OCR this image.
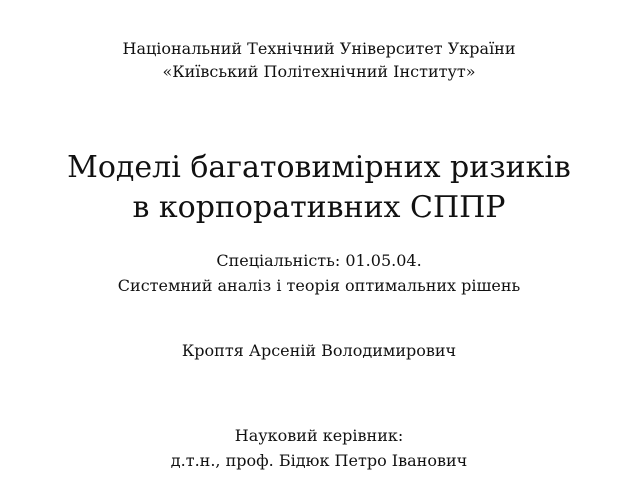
Національний Технічний Університет України
«Київський Політехнічний Інститут»
Моделі багатовимірних ризиків
в корпоративних СППР
Спеціальність: 01.05.04.
Системний аналіз і теорія оптимальних рішень
Кроптя Арсеній Володимирович
Науковий керівник:
д.т.н., проф. Бідюк Петро Іванович
